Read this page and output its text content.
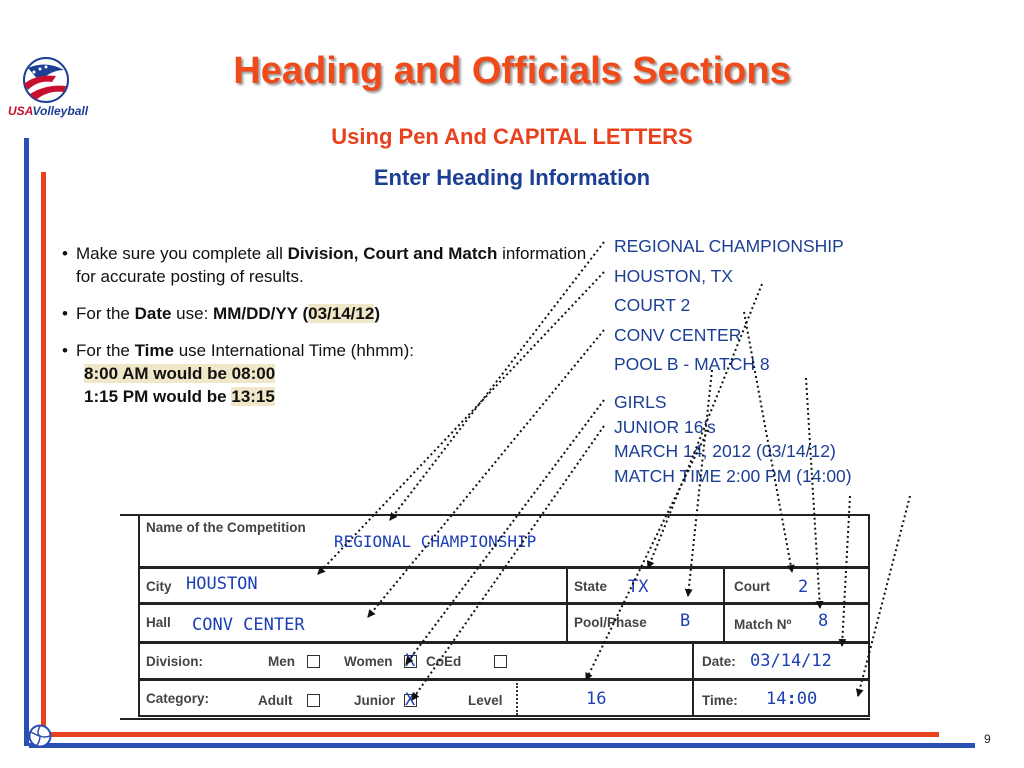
USAVolleyball
Heading and Officials Sections
Using Pen And CAPITAL LETTERS
Enter Heading Information
• Make sure you complete all Division, Court and Match information for accurate posting of results.
• For the Date use: MM/DD/YY (03/14/12)
• For the Time use International Time (hhmm):
8:00 AM would be 08:00
1:15 PM would be 13:15
REGIONAL CHAMPIONSHIP
HOUSTON, TX
COURT 2
CONV CENTER
POOL B - MATCH 8
GIRLS
JUNIOR 16’s
MARCH 14, 2012 (03/14/12)
MATCH TIME 2:00 PM (14:00)
Name of the Competition
REGIONAL CHAMPIONSHIP
City HOUSTON	State TX	Court 2
Hall CONV CENTER	Pool/Phase B	Match Nº 8
Division:	Men	Women X CoEd	Date: 03/14/12
Category:	Adult	Junior X	Level	16	Time: 14:00
9
